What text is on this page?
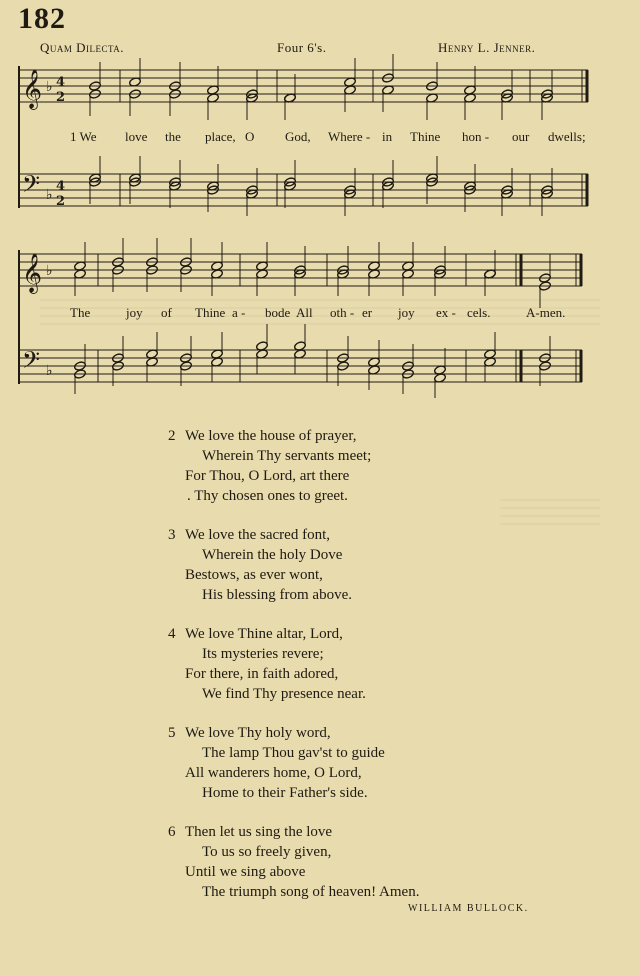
182
Quam Dilecta.	Four 6's.	Henry L. Jenner.
𝄞
𝄢
♭
♭
4
2
4
2
𝄞
𝄢
♭
♭
1 We love the place, O God, Where - in Thine hon - our dwells;
The	joy of Thine a - bode All oth - er joy ex - cels.	A-men.
2 We love the house of prayer,
Wherein Thy servants meet;
For Thou, O Lord, art there
. Thy chosen ones to greet.
3 We love the sacred font,
Wherein the holy Dove
Bestows, as ever wont,
His blessing from above.
4 We love Thine altar, Lord,
Its mysteries revere;
For there, in faith adored,
We find Thy presence near.
5 We love Thy holy word,
The lamp Thou gav'st to guide
All wanderers home, O Lord,
Home to their Father's side.
6 Then let us sing the love
To us so freely given,
Until we sing above
The triumph song of heaven! Amen.
WILLIAM BULLOCK.
